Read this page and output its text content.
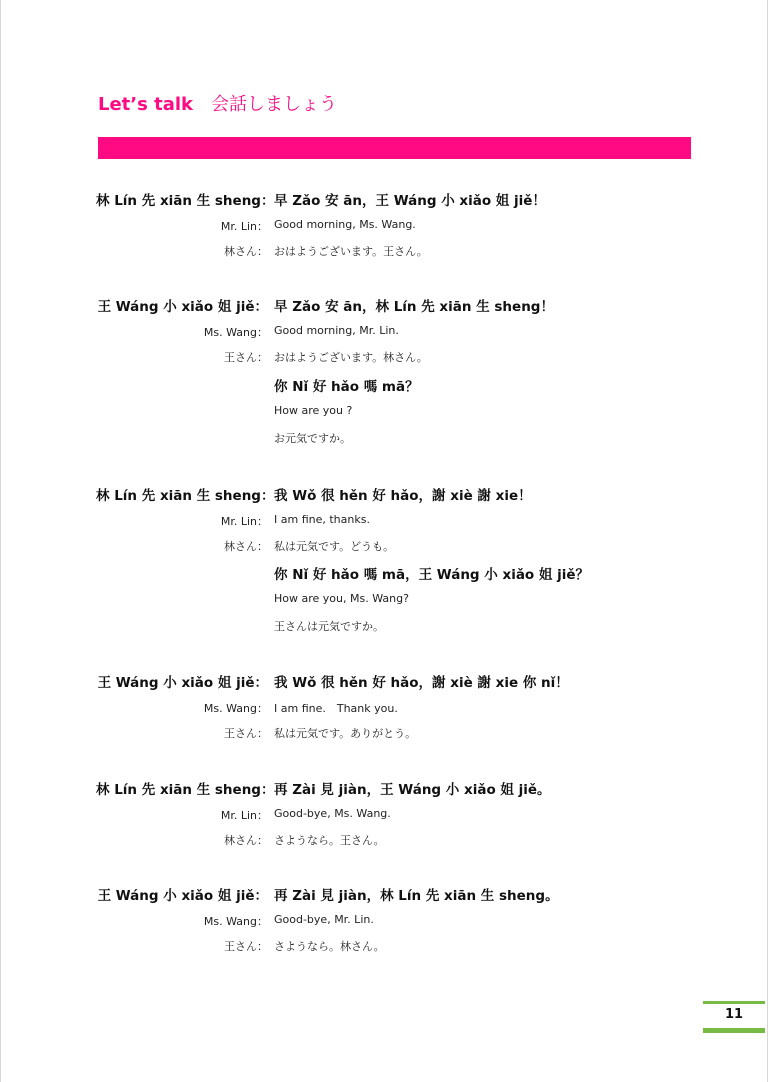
Let’s talk 会話しましょう
林 Lín 先 xiān 生 sheng： 早 Zǎo 安 ān，王 Wáng 小 xiǎo 姐 jiě！
Mr. Lin： Good morning, Ms. Wang.
林さん： おはようございます。王さん。
王 Wáng 小 xiǎo 姐 jiě： 早 Zǎo 安 ān，林 Lín 先 xiān 生 sheng！
Ms. Wang： Good morning, Mr. Lin.
王さん： おはようございます。林さん。
你 Nǐ 好 hǎo 嗎 mā？
How are you ?
お元気ですか。
林 Lín 先 xiān 生 sheng： 我 Wǒ 很 hěn 好 hǎo，謝 xiè 謝 xie！
Mr. Lin： I am fine, thanks.
林さん： 私は元気です。どうも。
你 Nǐ 好 hǎo 嗎 mā，王 Wáng 小 xiǎo 姐 jiě？
How are you, Ms. Wang?
王さんは元気ですか。
王 Wáng 小 xiǎo 姐 jiě： 我 Wǒ 很 hěn 好 hǎo，謝 xiè 謝 xie 你 nǐ！
Ms. Wang： I am fine.　Thank you.
王さん： 私は元気です。ありがとう。
林 Lín 先 xiān 生 sheng： 再 Zài 見 jiàn，王 Wáng 小 xiǎo 姐 jiě。
Mr. Lin： Good-bye, Ms. Wang.
林さん： さようなら。王さん。
王 Wáng 小 xiǎo 姐 jiě： 再 Zài 見 jiàn，林 Lín 先 xiān 生 sheng。
Ms. Wang： Good-bye, Mr. Lin.
王さん： さようなら。林さん。
11
